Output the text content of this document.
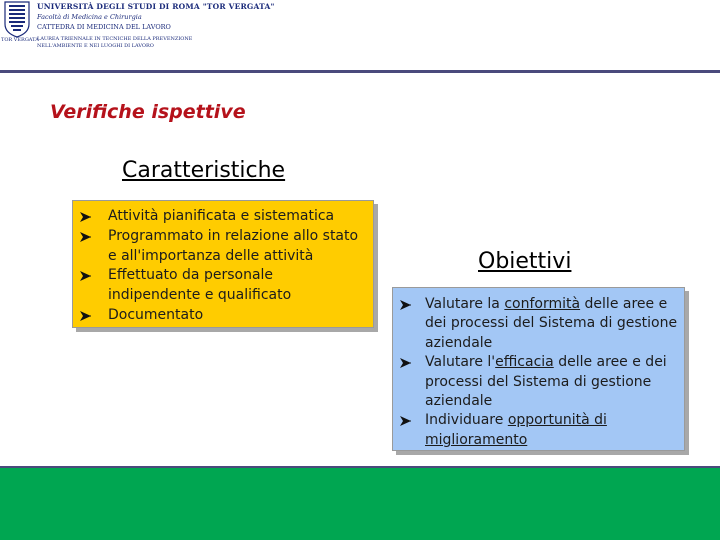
TOR VERGATA
UNIVERSITÀ DEGLI STUDI DI ROMA "TOR VERGATA"
Facoltà di Medicina e Chirurgia
CATTEDRA DI MEDICINA DEL LAVORO
LAUREA TRIENNALE IN TECNICHE DELLA PREVENZIONE
NELL'AMBIENTE E NEI LUOGHI DI LAVORO
Verifiche ispettive
Caratteristiche
Attività pianificata e sistematica
Programmato in relazione allo stato e all'importanza delle attività
Effettuato da personale indipendente e qualificato
Documentato
Obiettivi
Valutare la conformità delle aree e dei processi del Sistema di gestione aziendale
Valutare l'efficacia delle aree e dei processi del Sistema di gestione aziendale
Individuare opportunità di miglioramento
